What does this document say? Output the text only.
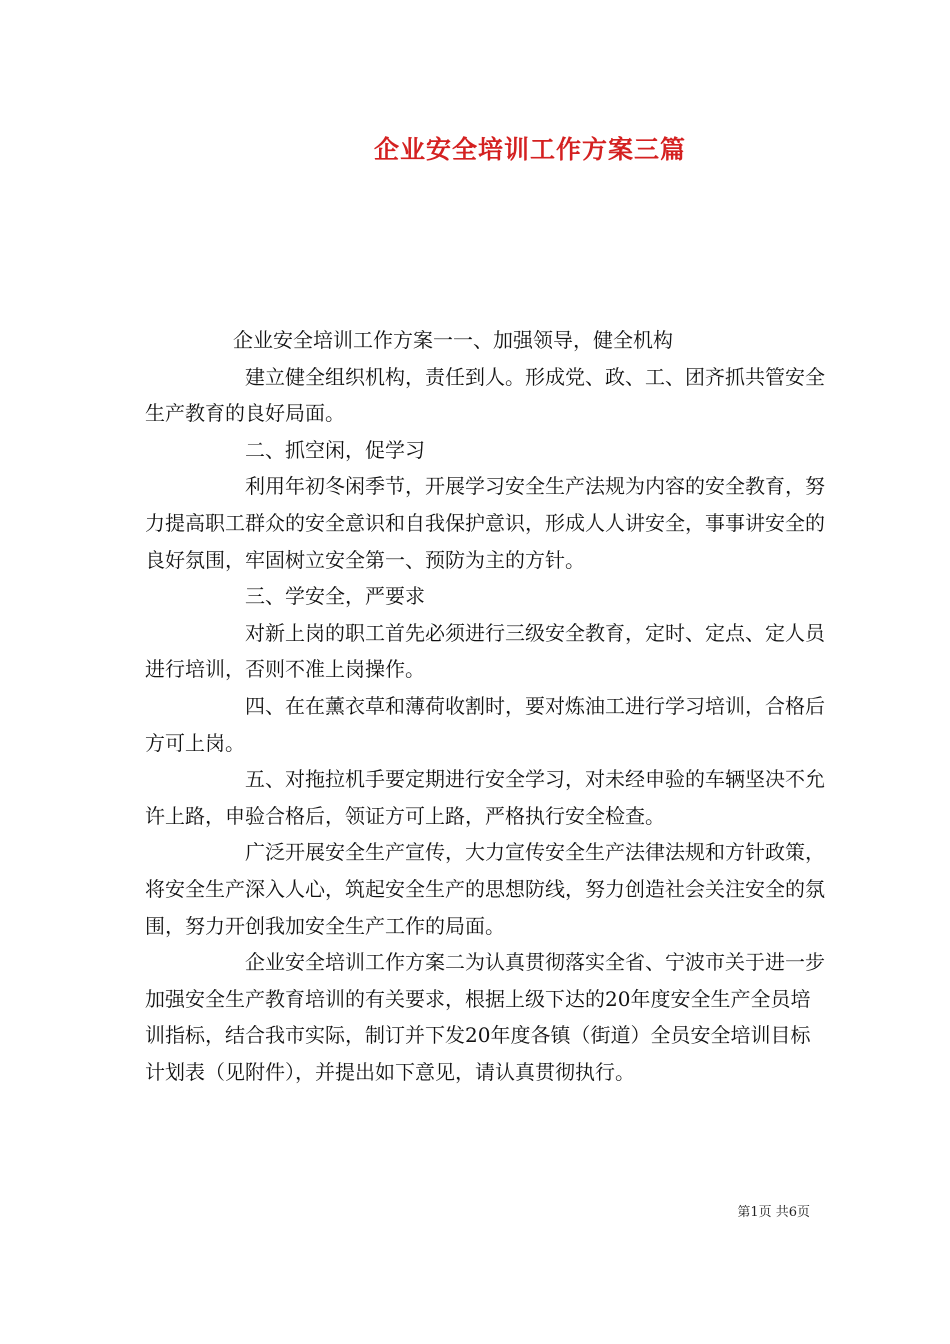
企业安全培训工作方案三篇

企业安全培训工作方案一一、加强领导，健全机构

建立健全组织机构，责任到人。形成党、政、工、团齐抓共管安全生产教育的良好局面。

二、抓空闲，促学习

利用年初冬闲季节，开展学习安全生产法规为内容的安全教育，努力提高职工群众的安全意识和自我保护意识，形成人人讲安全，事事讲安全的良好氛围，牢固树立安全第一、预防为主的方针。

三、学安全，严要求

对新上岗的职工首先必须进行三级安全教育，定时、定点、定人员进行培训，否则不准上岗操作。

四、在在薰衣草和薄荷收割时，要对炼油工进行学习培训，合格后方可上岗。

五、对拖拉机手要定期进行安全学习，对未经申验的车辆坚决不允许上路，申验合格后，领证方可上路，严格执行安全检查。

广泛开展安全生产宣传，大力宣传安全生产法律法规和方针政策，将安全生产深入人心，筑起安全生产的思想防线，努力创造社会关注安全的氛围，努力开创我加安全生产工作的局面。

企业安全培训工作方案二为认真贯彻落实全省、宁波市关于进一步加强安全生产教育培训的有关要求，根据上级下达的20年度安全生产全员培训指标，结合我市实际，制订并下发20年度各镇（街道）全员安全培训目标计划表（见附件），并提出如下意见，请认真贯彻执行。

第1页 共6页
